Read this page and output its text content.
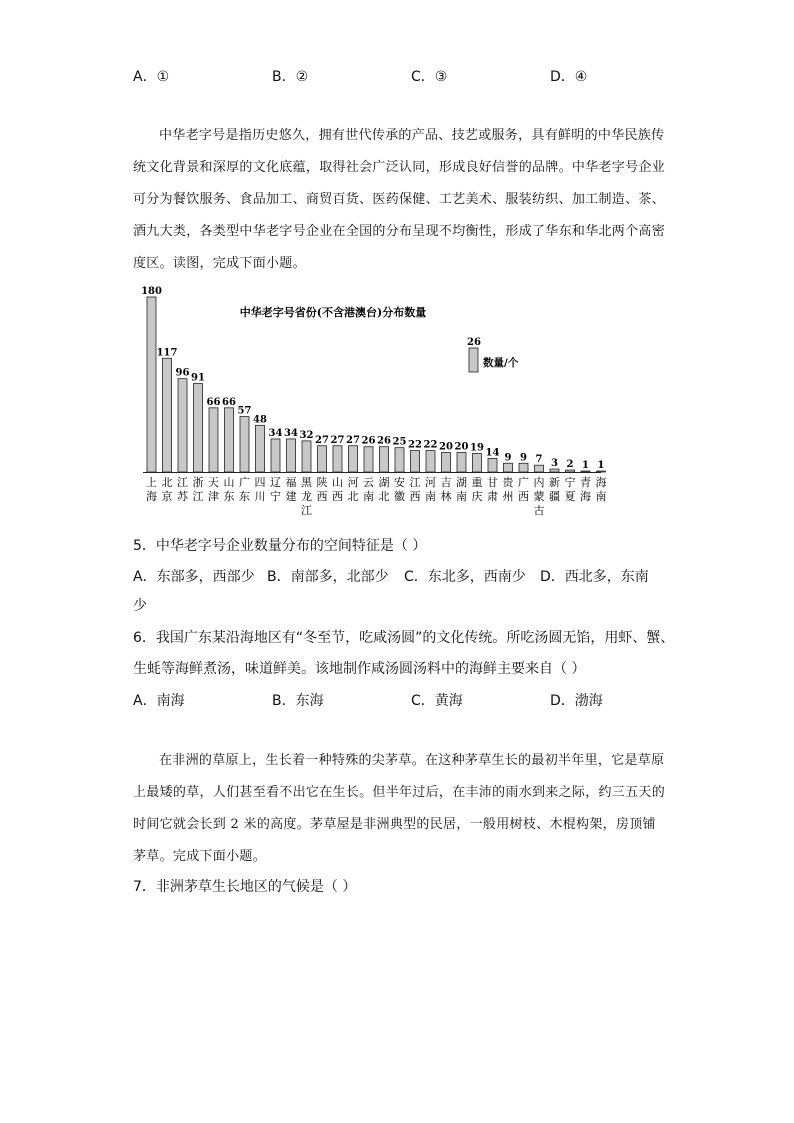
A．①	B．②	C．③	D．④

中华老字号是指历史悠久，拥有世代传承的产品、技艺或服务，具有鲜明的中华民族传统文化背景和深厚的文化底蕴，取得社会广泛认同，形成良好信誉的品牌。中华老字号企业可分为餐饮服务、食品加工、商贸百货、医药保健、工艺美术、服装纺织、加工制造、茶、酒九大类，各类型中华老字号企业在全国的分布呈现不均衡性，形成了华东和华北两个高密度区。读图，完成下面小题。

中华老字号省份(不含港澳台)分布数量
26
数量/个
180
117
96 91
66 66
57
48
34 34 32 27 27 27 26 26 25 22 22 20 20 19 14 9 9 7 3 2 1 1
上海
北京
江苏
浙江
天津
山东
广东
四川
辽宁
福建
黑龙江
陕西
山西
河北
云南
湖北
安徽
江西
河南
吉林
湖南
重庆
甘肃
贵州
广西
内蒙古
新疆
宁夏
青海
海南
5．中华老字号企业数量分布的空间特征是（ ）
A．东部多，西部少 B．南部多，北部少 C．东北多，西南少 D．西北多，东南
少
6．我国广东某沿海地区有“冬至节，吃咸汤圆”的文化传统。所吃汤圆无馅，用虾、蟹、
生蚝等海鲜煮汤，味道鲜美。该地制作咸汤圆汤料中的海鲜主要来自（ ）
A．南海	B．东海	C．黄海	D．渤海

在非洲的草原上，生长着一种特殊的尖茅草。在这种茅草生长的最初半年里，它是草原上最矮的草，人们甚至看不出它在生长。但半年过后，在丰沛的雨水到来之际，约三五天的时间它就会长到 2 米的高度。茅草屋是非洲典型的民居，一般用树枝、木棍构架，房顶铺茅草。完成下面小题。

7．非洲茅草生长地区的气候是（ ）
